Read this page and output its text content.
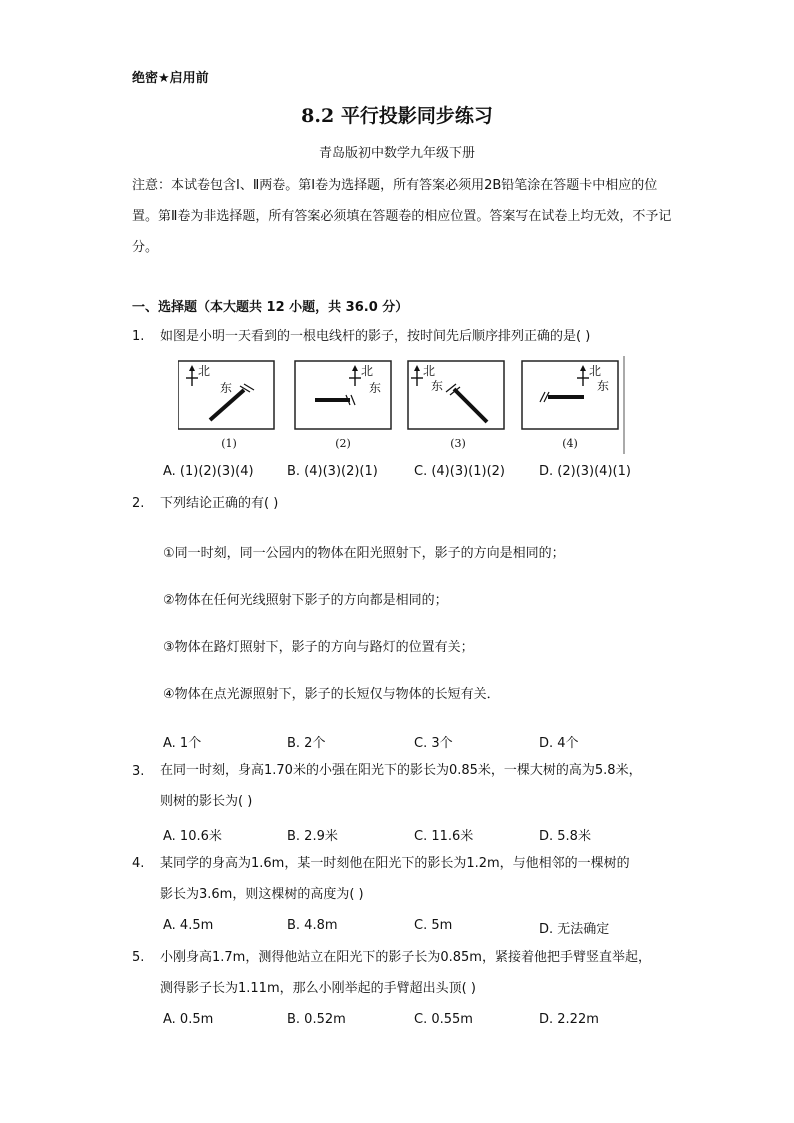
绝密★启用前
8.2 平行投影同步练习
青岛版初中数学九年级下册
注意：本试卷包含Ⅰ、Ⅱ两卷。第Ⅰ卷为选择题，所有答案必须用2B铅笔涂在答题卡中相应的位置。第Ⅱ卷为非选择题，所有答案必须填在答题卷的相应位置。答案写在试卷上均无效，不予记分。
一、选择题（本大题共 12 小题，共 36.0 分）
1. 如图是小明一天看到的一根电线杆的影子，按时间先后顺序排列正确的是( )
北
东
(1)
北
东
(2)
北
东
(3)
北
东
(4)
A. (1)(2)(3)(4)	B. (4)(3)(2)(1)	C. (4)(3)(1)(2)	D. (2)(3)(4)(1)
2. 下列结论正确的有( )
①同一时刻，同一公园内的物体在阳光照射下，影子的方向是相同的；
②物体在任何光线照射下影子的方向都是相同的；
③物体在路灯照射下，影子的方向与路灯的位置有关；
④物体在点光源照射下，影子的长短仅与物体的长短有关．
A. 1个	B. 2个	C. 3个	D. 4个
3. 在同一时刻，身高1.70米的小强在阳光下的影长为0.85米，一棵大树的高为5.8米，
则树的影长为( )
A. 10.6米	B. 2.9米	C. 11.6米	D. 5.8米
4. 某同学的身高为1.6m，某一时刻他在阳光下的影长为1.2m，与他相邻的一棵树的
影长为3.6m，则这棵树的高度为( )
A. 4.5m	B. 4.8m	C. 5m	D. 无法确定
5. 小刚身高1.7m，测得他站立在阳光下的影子长为0.85m，紧接着他把手臂竖直举起，
测得影子长为1.11m，那么小刚举起的手臂超出头顶( )
A. 0.5m	B. 0.52m	C. 0.55m	D. 2.22m
